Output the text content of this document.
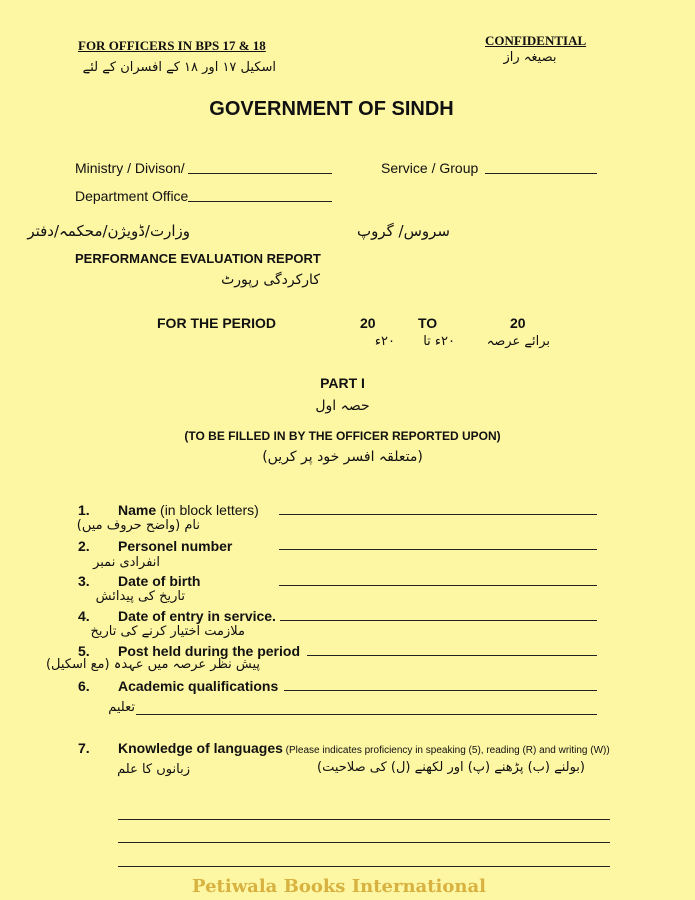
FOR OFFICERS IN BPS 17 & 18
اسکیل ۱۷ اور ۱۸ کے افسران کے لئے
CONFIDENTIAL
بصیغہ راز
GOVERNMENT OF SINDH
Ministry / Divison/	Service / Group
Department Office
وزارت/ڈویژن/محکمہ/دفتر	سروس/ گروپ
PERFORMANCE EVALUATION REPORT
کارکردگی رپورٹ
FOR THE PERIOD	20	TO	20
۲۰ء	۲۰ء تا برائے عرصہ
PART I
حصہ اول
(TO BE FILLED IN BY THE OFFICER REPORTED UPON)
(متعلقہ افسر خود پر کریں)
1. Name (in block letters)
نام (واضح حروف میں)
2. Personel number
انفرادی نمبر
3. Date of birth
تاریخ کی پیدائش
4. Date of entry in service.
ملازمت اختیار کرنے کی تاریخ
5. Post held during the period
پیش نظر عرصہ میں عہدہ (مع اسکیل)
6. Academic qualifications
تعلیم
7. Knowledge of languages (Please indicates proficiency in speaking (5), reading (R) and writing (W))
زبانوں کا علم	(بولنے (ب) پڑھنے (پ) اور لکھنے (ل) کی صلاحیت)
Petiwala Books International
